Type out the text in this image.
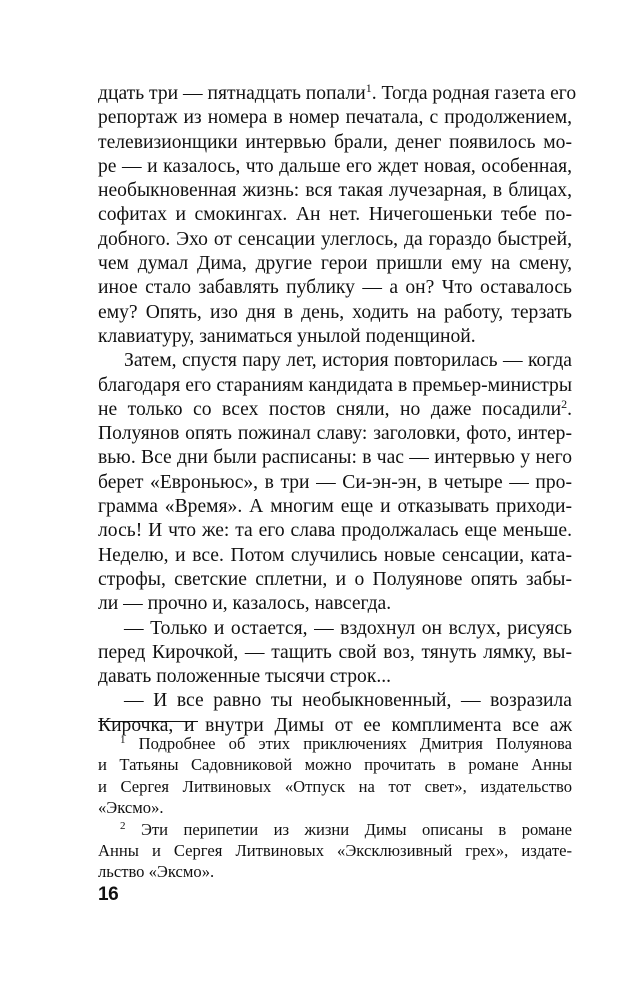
дцать три — пятнадцать попали$^1$. Тогда родная газета его
репортаж из номера в номер печатала, с продолжением,
телевизионщики интервью брали, денег появилось мо-
ре — и казалось, что дальше его ждет новая, особенная,
необыкновенная жизнь: вся такая лучезарная, в блицах,
софитах и смокингах. Ан нет. Ничегошеньки тебе по-
добного. Эхо от сенсации улеглось, да гораздо быстрей,
чем думал Дима, другие герои пришли ему на смену,
иное стало забавлять публику — а он? Что оставалось
ему? Опять, изо дня в день, ходить на работу, терзать
клавиатуру, заниматься унылой поденщиной.
Затем, спустя пару лет, история повторилась — когда
благодаря его стараниям кандидата в премьер-министры
не только со всех постов сняли, но даже посадили$^2$.
Полуянов опять пожинал славу: заголовки, фото, интер-
вью. Все дни были расписаны: в час — интервью у него
берет «Евроньюс», в три — Си-эн-эн, в четыре — про-
грамма «Время». А многим еще и отказывать приходи-
лось! И что же: та его слава продолжалась еще меньше.
Неделю, и все. Потом случились новые сенсации, ката-
строфы, светские сплетни, и о Полуянове опять забы-
ли — прочно и, казалось, навсегда.
— Только и остается, — вздохнул он вслух, рисуясь
перед Кирочкой, — тащить свой воз, тянуть лямку, вы-
давать положенные тысячи строк...
— И все равно ты необыкновенный, — возразила
Кирочка, и внутри Димы от ее комплимента все аж
$^1$ Подробнее об этих приключениях Дмитрия Полуянова
и Татьяны Садовниковой можно прочитать в романе Анны
и Сергея Литвиновых «Отпуск на тот свет», издательство
«Эксмо».
$^2$ Эти перипетии из жизни Димы описаны в романе
Анны и Сергея Литвиновых «Эксклюзивный грех», издате-
льство «Эксмо».
16
